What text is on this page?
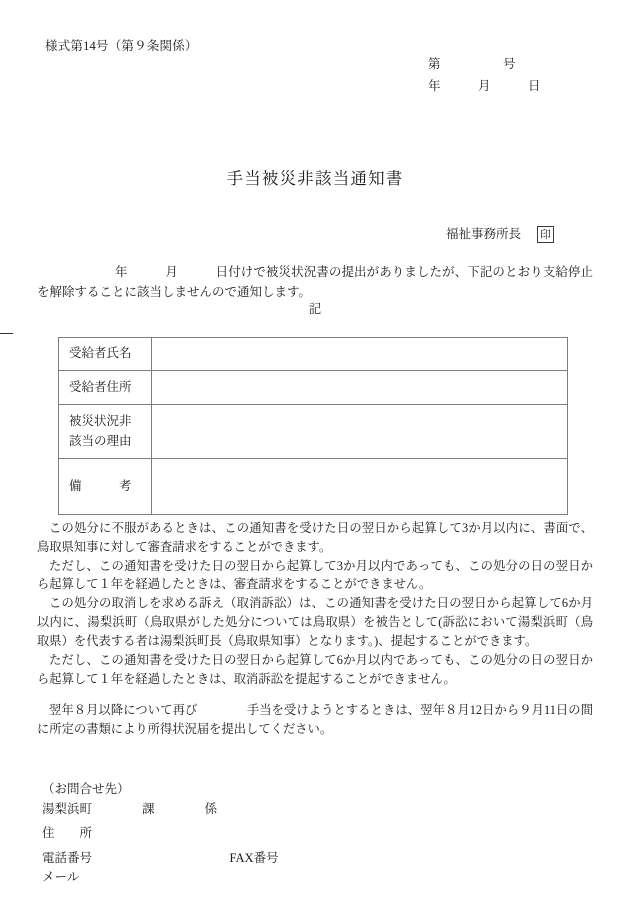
様式第14号（第９条関係）
第　　　　　号
年　　　月　　　日
手当被災非該当通知書
福祉事務所長 印
年　　　月　　　日付けで被災状況書の提出がありましたが、下記のとおり支給停止を解除することに該当しませんので通知します。
記
受給者氏名	
受給者住所	
被災状況非
該当の理由	
備　　　考	

この処分に不服があるときは、この通知書を受けた日の翌日から起算して3か月以内に、書面で、鳥取県知事に対して審査請求をすることができます。

ただし、この通知書を受けた日の翌日から起算して3か月以内であっても、この処分の日の翌日から起算して１年を経過したときは、審査請求をすることができません。

この処分の取消しを求める訴え（取消訴訟）は、この通知書を受けた日の翌日から起算して6か月以内に、湯梨浜町（鳥取県がした処分については鳥取県）を被告として(訴訟において湯梨浜町（鳥取県）を代表する者は湯梨浜町長（鳥取県知事）となります。)、提起することができます。

ただし、この通知書を受けた日の翌日から起算して6か月以内であっても、この処分の日の翌日から起算して１年を経過したときは、取消訴訟を提起することができません。

翌年８月以降について再び　　　　手当を受けようとするときは、翌年８月12日から９月11日の間に所定の書類により所得状況届を提出してください。

（お問合せ先）
湯梨浜町　　　　課　　　　係
住　　所
電話番号　　　　　　　　　　　FAX番号
メール
